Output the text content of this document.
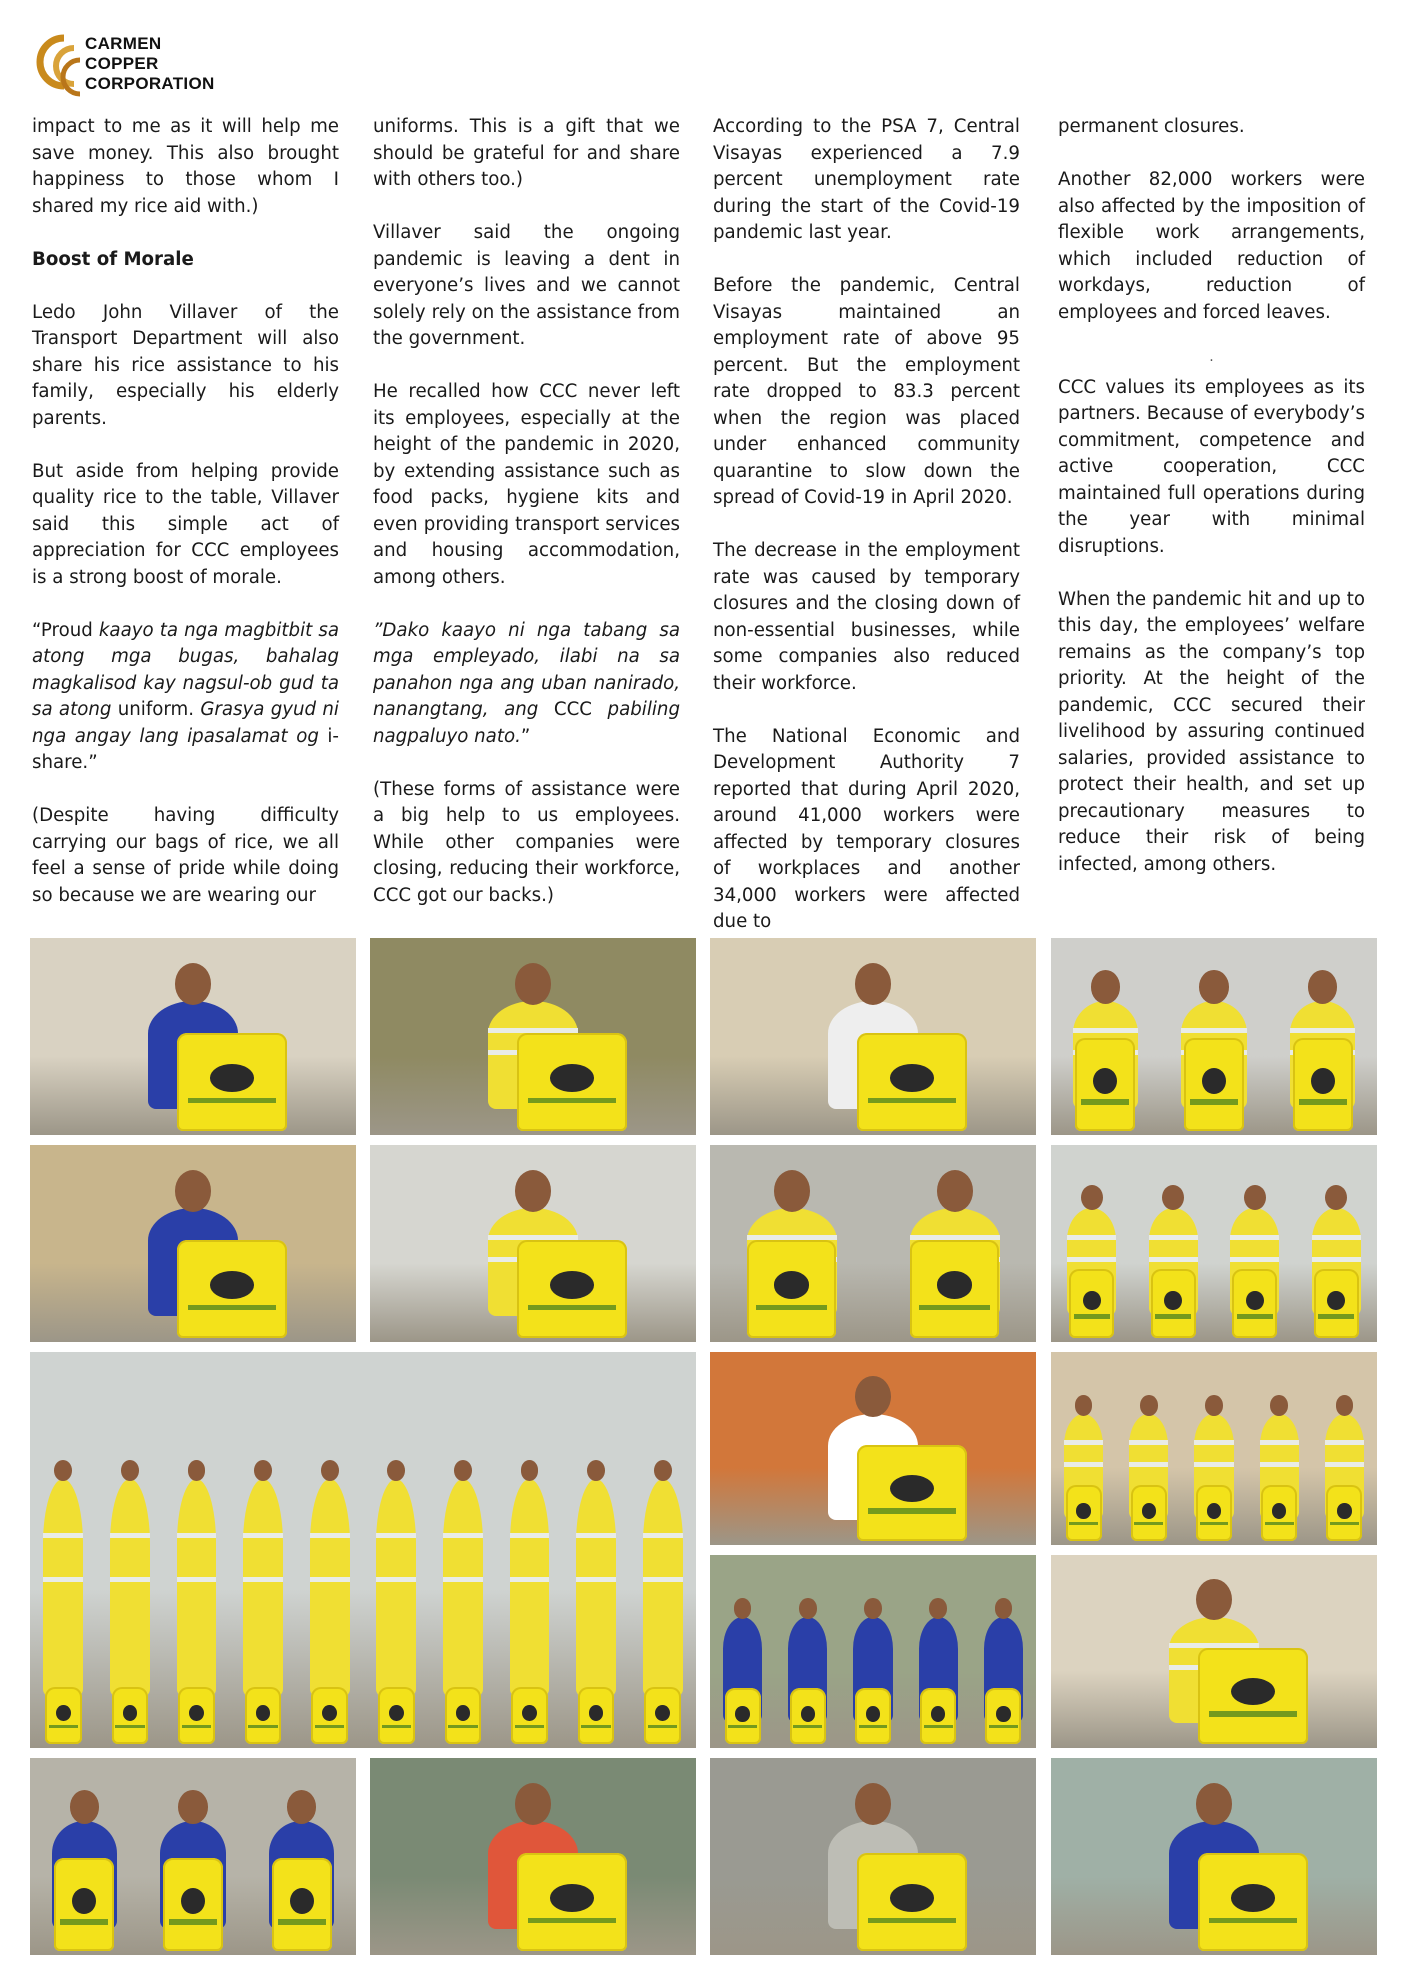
CARMEN
COPPER
CORPORATION

impact to me as it will help me save money. This also brought happiness to those whom I shared my rice aid with.)

Boost of Morale

Ledo John Villaver of the Transport Department will also share his rice assistance to his family, especially his elderly parents.

But aside from helping provide quality rice to the table, Villaver said this simple act of appreciation for CCC employees is a strong boost of morale.

“Proud kaayo ta nga magbitbit sa atong mga bugas, bahalag magkalisod kay nagsul-ob gud ta sa atong uniform. Grasya gyud ni nga angay lang ipasalamat og i-share.”

(Despite having difficulty carrying our bags of rice, we all feel a sense of pride while doing so because we are wearing our

uniforms. This is a gift that we should be grateful for and share with others too.)

Villaver said the ongoing pandemic is leaving a dent in everyone’s lives and we cannot solely rely on the assistance from the government.

He recalled how CCC never left its employees, especially at the height of the pandemic in 2020, by extending assistance such as food packs, hygiene kits and even providing transport services and housing accommodation, among others.

”Dako kaayo ni nga tabang sa mga empleyado, ilabi na sa panahon nga ang uban nanirado, nanangtang, ang CCC pabiling nagpaluyo nato.”

(These forms of assistance were a big help to us employees. While other companies were closing, reducing their workforce, CCC got our backs.)

According to the PSA 7, Central Visayas experienced a 7.9 percent unemployment rate during the start of the Covid-19 pandemic last year.

Before the pandemic, Central Visayas maintained an employment rate of above 95 percent. But the employment rate dropped to 83.3 percent when the region was placed under enhanced community quarantine to slow down the spread of Covid-19 in April 2020.

The decrease in the employment rate was caused by temporary closures and the closing down of non-essential businesses, while some companies also reduced their workforce.

The National Economic and Development Authority 7 reported that during April 2020, around 41,000 workers were affected by temporary closures of workplaces and another 34,000 workers were affected due to

permanent closures.

Another 82,000 workers were also affected by the imposition of flexible work arrangements, which included reduction of workdays, reduction of employees and forced leaves.

.

CCC values its employees as its partners. Because of everybody’s commitment, competence and active cooperation, CCC maintained full operations during the year with minimal disruptions.

When the pandemic hit and up to this day, the employees’ welfare remains as the company’s top priority. At the height of the pandemic, CCC secured their livelihood by assuring continued salaries, provided assistance to protect their health, and set up precautionary measures to reduce their risk of being infected, among others.
